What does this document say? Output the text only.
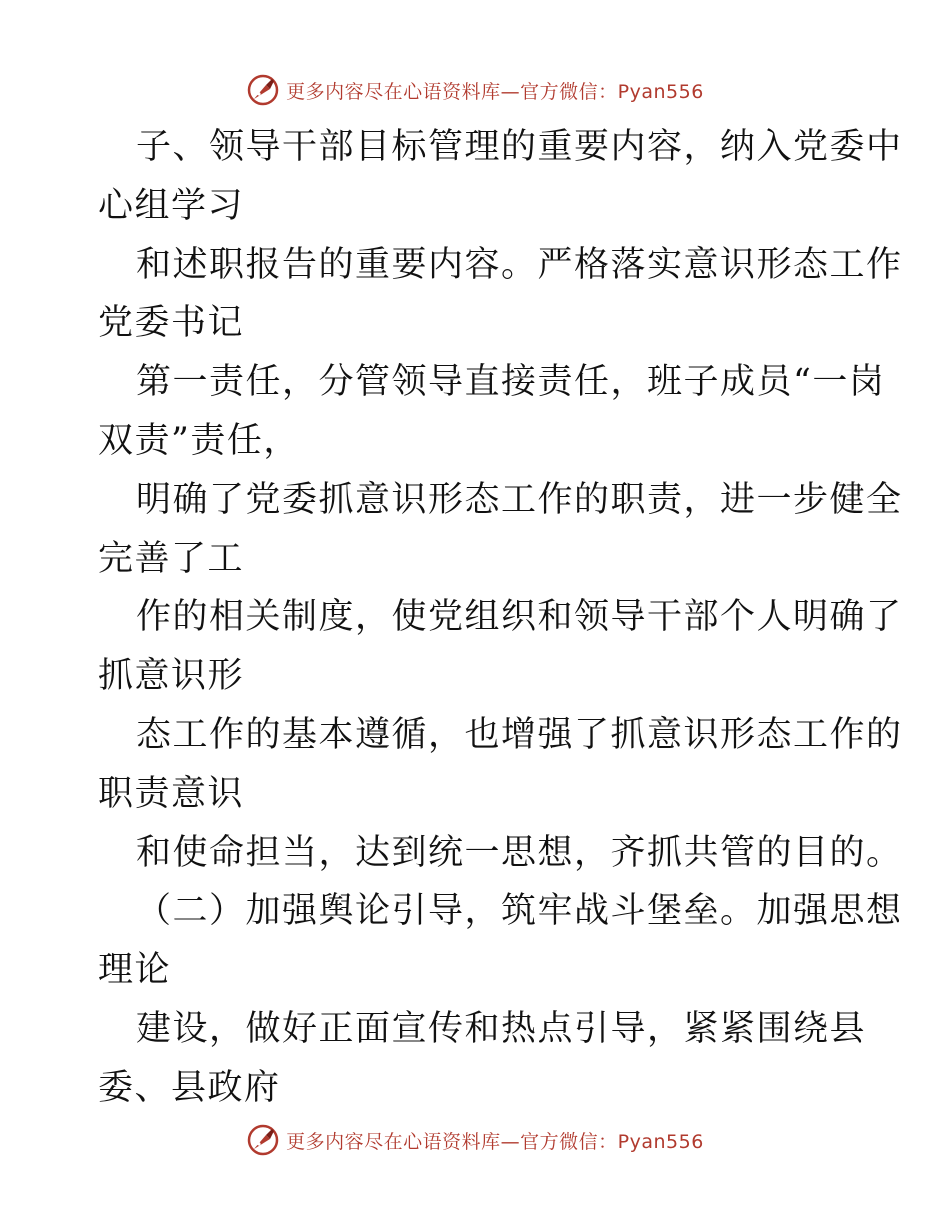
更多内容尽在心语资料库—官方微信：Pyan556
子、领导干部目标管理的重要内容，纳入党委中
心组学习
和述职报告的重要内容。严格落实意识形态工作
党委书记
第一责任，分管领导直接责任，班子成员“一岗
双责”责任，
明确了党委抓意识形态工作的职责，进一步健全
完善了工
作的相关制度，使党组织和领导干部个人明确了
抓意识形
态工作的基本遵循，也增强了抓意识形态工作的
职责意识
和使命担当，达到统一思想，齐抓共管的目的。
（二）加强舆论引导，筑牢战斗堡垒。加强思想
理论
建设，做好正面宣传和热点引导，紧紧围绕县
委、县政府
更多内容尽在心语资料库—官方微信：Pyan556
